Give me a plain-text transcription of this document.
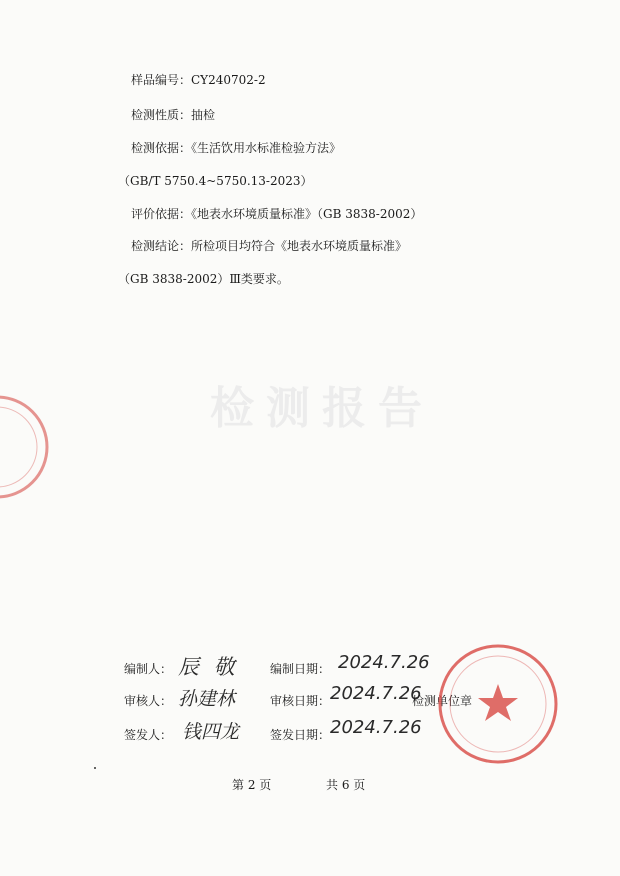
检测报告
样品编号：CY240702-2
检测性质：抽检
检测依据：《生活饮用水标准检验方法》
（GB/T 5750.4~5750.13-2023）
评价依据：《地表水环境质量标准》（GB 3838-2002）
检测结论：所检项目均符合《地表水环境质量标准》
（GB 3838-2002）Ⅲ类要求。
编制人： 辰 敬	编制日期： 2024.7.26
审核人： 孙建林	审核日期： 2024.7.26
检测单位章
签发人： 钱四龙	签发日期： 2024.7.26
第 2 页	共 6 页
